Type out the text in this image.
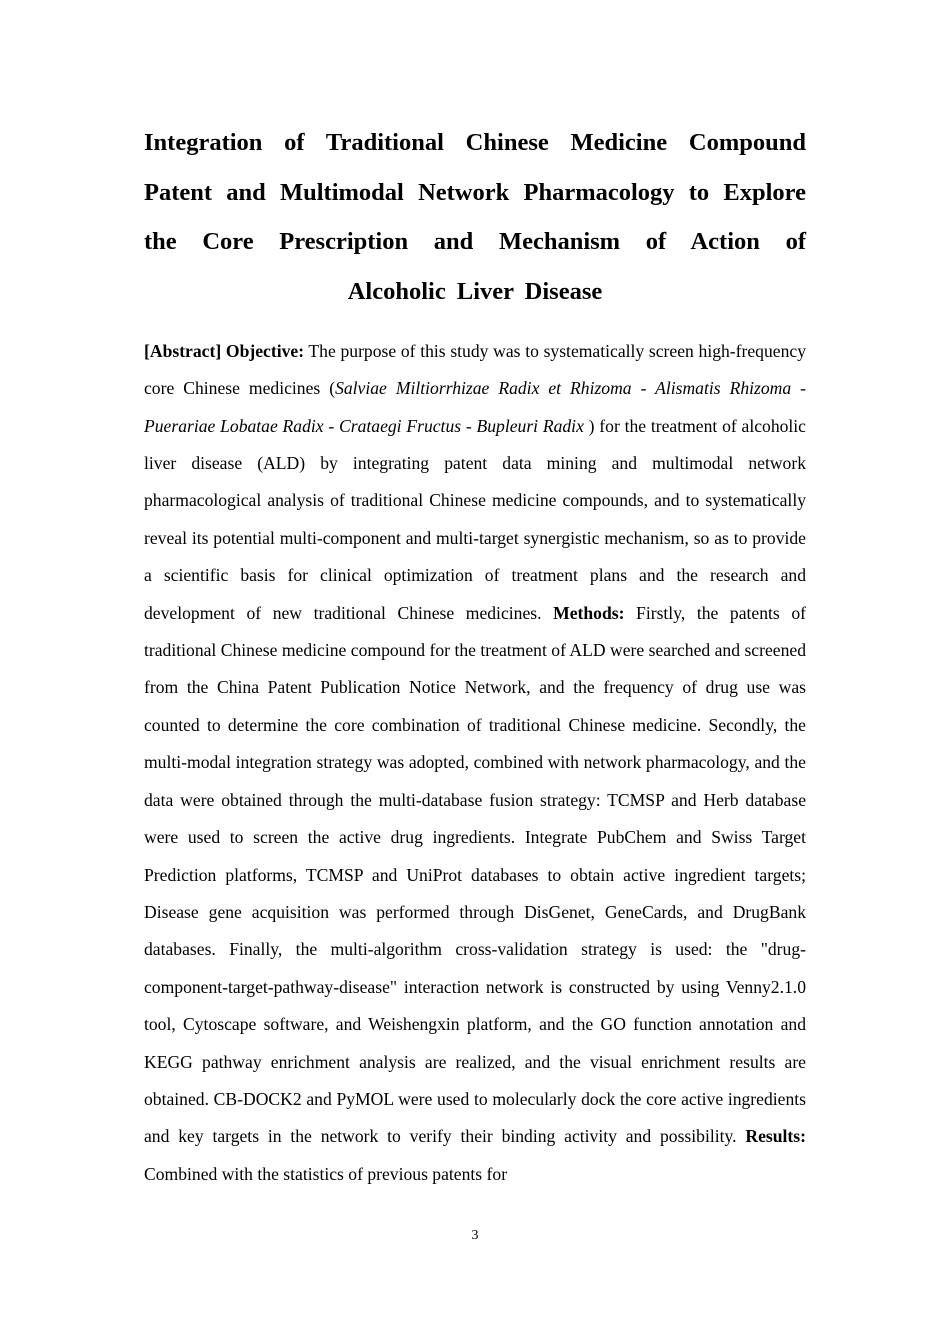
Integration of Traditional Chinese Medicine Compound Patent and Multimodal Network Pharmacology to Explore the Core Prescription and Mechanism of Action of Alcoholic Liver Disease

[Abstract] Objective: The purpose of this study was to systematically screen high-frequency core Chinese medicines (Salviae Miltiorrhizae Radix et Rhizoma - Alismatis Rhizoma - Puerariae Lobatae Radix - Crataegi Fructus - Bupleuri Radix ) for the treatment of alcoholic liver disease (ALD) by integrating patent data mining and multimodal network pharmacological analysis of traditional Chinese medicine compounds, and to systematically reveal its potential multi-component and multi-target synergistic mechanism, so as to provide a scientific basis for clinical optimization of treatment plans and the research and development of new traditional Chinese medicines. Methods: Firstly, the patents of traditional Chinese medicine compound for the treatment of ALD were searched and screened from the China Patent Publication Notice Network, and the frequency of drug use was counted to determine the core combination of traditional Chinese medicine. Secondly, the multi-modal integration strategy was adopted, combined with network pharmacology, and the data were obtained through the multi-database fusion strategy: TCMSP and Herb database were used to screen the active drug ingredients. Integrate PubChem and Swiss Target Prediction platforms, TCMSP and UniProt databases to obtain active ingredient targets; Disease gene acquisition was performed through DisGenet, GeneCards, and DrugBank databases. Finally, the multi-algorithm cross-validation strategy is used: the "drug-component-target-pathway-disease" interaction network is constructed by using Venny2.1.0 tool, Cytoscape software, and Weishengxin platform, and the GO function annotation and KEGG pathway enrichment analysis are realized, and the visual enrichment results are obtained. CB-DOCK2 and PyMOL were used to molecularly dock the core active ingredients and key targets in the network to verify their binding activity and possibility. Results: Combined with the statistics of previous patents for

3
